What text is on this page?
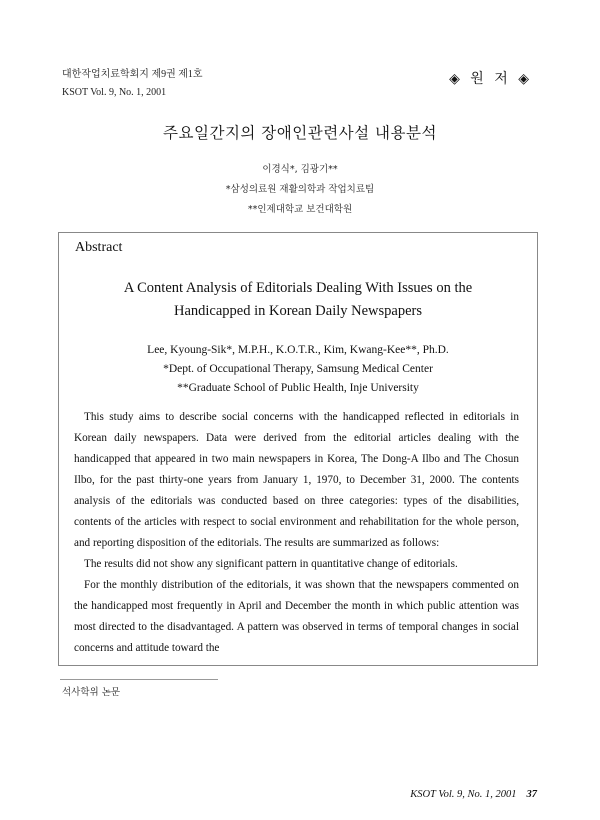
대한작업치료학회지 제9권 제1호
KSOT Vol. 9, No. 1, 2001
◈ 원 저 ◈
주요일간지의 장애인관련사설 내용분석
이경식*, 김광기**
*삼성의료원 재활의학과 작업치료팀
**인제대학교 보건대학원
Abstract
A Content Analysis of Editorials Dealing With Issues on the
Handicapped in Korean Daily Newspapers
Lee, Kyoung-Sik*, M.P.H., K.O.T.R., Kim, Kwang-Kee**, Ph.D.
*Dept. of Occupational Therapy, Samsung Medical Center
**Graduate School of Public Health, Inje University

This study aims to describe social concerns with the handicapped reflected in editorials in Korean daily newspapers. Data were derived from the editorial articles dealing with the handicapped that appeared in two main newspapers in Korea, The Dong-A Ilbo and The Chosun Ilbo, for the past thirty-one years from January 1, 1970, to December 31, 2000. The contents analysis of the editorials was conducted based on three categories: types of the disabilities, contents of the articles with respect to social environment and rehabilitation for the whole person, and reporting disposition of the editorials. The results are summarized as follows:

The results did not show any significant pattern in quantitative change of editorials.

For the monthly distribution of the editorials, it was shown that the newspapers commented on the handicapped most frequently in April and December the month in which public attention was most directed to the disadvantaged. A pattern was observed in terms of temporal changes in social concerns and attitude toward the

석사학위 논문
KSOT Vol. 9, No. 1, 2001 37
